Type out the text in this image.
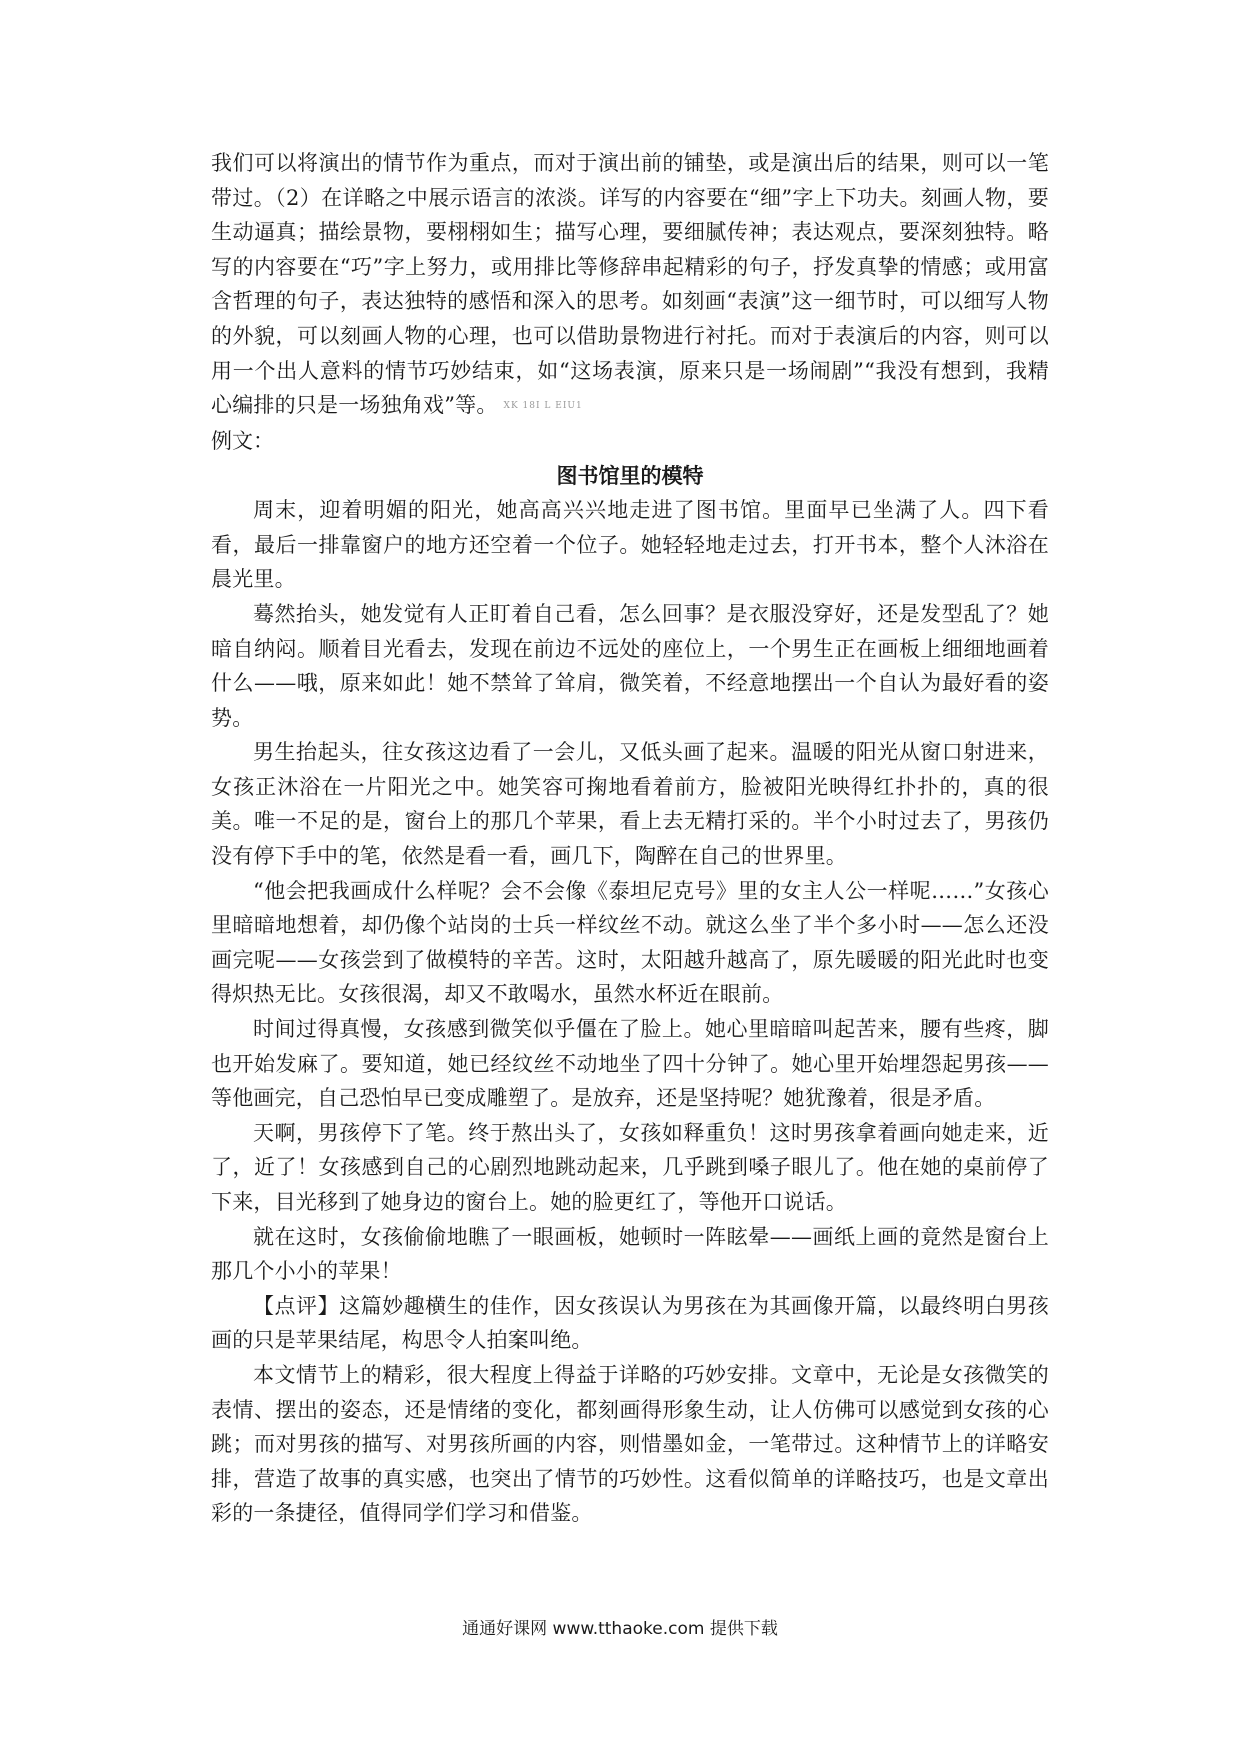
我们可以将演出的情节作为重点，而对于演出前的铺垫，或是演出后的结果，则可以一笔带过。（2）在详略之中展示语言的浓淡。详写的内容要在“细”字上下功夫。刻画人物，要生动逼真；描绘景物，要栩栩如生；描写心理，要细腻传神；表达观点，要深刻独特。略写的内容要在“巧”字上努力，或用排比等修辞串起精彩的句子，抒发真挚的情感；或用富含哲理的句子，表达独特的感悟和深入的思考。如刻画“表演”这一细节时，可以细写人物的外貌，可以刻画人物的心理，也可以借助景物进行衬托。而对于表演后的内容，则可以用一个出人意料的情节巧妙结束，如“这场表演，原来只是一场闹剧”“我没有想到，我精心编排的只是一场独角戏”等。 XK 18I L EIU1

例文：

图书馆里的模特

周末，迎着明媚的阳光，她高高兴兴地走进了图书馆。里面早已坐满了人。四下看看，最后一排靠窗户的地方还空着一个位子。她轻轻地走过去，打开书本，整个人沐浴在晨光里。

蓦然抬头，她发觉有人正盯着自己看，怎么回事？是衣服没穿好，还是发型乱了？她暗自纳闷。顺着目光看去，发现在前边不远处的座位上，一个男生正在画板上细细地画着什么——哦，原来如此！她不禁耸了耸肩，微笑着，不经意地摆出一个自认为最好看的姿势。

男生抬起头，往女孩这边看了一会儿，又低头画了起来。温暖的阳光从窗口射进来，女孩正沐浴在一片阳光之中。她笑容可掬地看着前方，脸被阳光映得红扑扑的，真的很美。唯一不足的是，窗台上的那几个苹果，看上去无精打采的。半个小时过去了，男孩仍没有停下手中的笔，依然是看一看，画几下，陶醉在自己的世界里。

“他会把我画成什么样呢？会不会像《泰坦尼克号》里的女主人公一样呢……”女孩心里暗暗地想着，却仍像个站岗的士兵一样纹丝不动。就这么坐了半个多小时——怎么还没画完呢——女孩尝到了做模特的辛苦。这时，太阳越升越高了，原先暖暖的阳光此时也变得炽热无比。女孩很渴，却又不敢喝水，虽然水杯近在眼前。

时间过得真慢，女孩感到微笑似乎僵在了脸上。她心里暗暗叫起苦来，腰有些疼，脚也开始发麻了。要知道，她已经纹丝不动地坐了四十分钟了。她心里开始埋怨起男孩——等他画完，自己恐怕早已变成雕塑了。是放弃，还是坚持呢？她犹豫着，很是矛盾。

天啊，男孩停下了笔。终于熬出头了，女孩如释重负！这时男孩拿着画向她走来，近了，近了！女孩感到自己的心剧烈地跳动起来，几乎跳到嗓子眼儿了。他在她的桌前停了下来，目光移到了她身边的窗台上。她的脸更红了，等他开口说话。

就在这时，女孩偷偷地瞧了一眼画板，她顿时一阵眩晕——画纸上画的竟然是窗台上那几个小小的苹果！

【点评】这篇妙趣横生的佳作，因女孩误认为男孩在为其画像开篇，以最终明白男孩画的只是苹果结尾，构思令人拍案叫绝。

本文情节上的精彩，很大程度上得益于详略的巧妙安排。文章中，无论是女孩微笑的表情、摆出的姿态，还是情绪的变化，都刻画得形象生动，让人仿佛可以感觉到女孩的心跳；而对男孩的描写、对男孩所画的内容，则惜墨如金，一笔带过。这种情节上的详略安排，营造了故事的真实感，也突出了情节的巧妙性。这看似简单的详略技巧，也是文章出彩的一条捷径，值得同学们学习和借鉴。

通通好课网 www.tthaoke.com 提供下载
